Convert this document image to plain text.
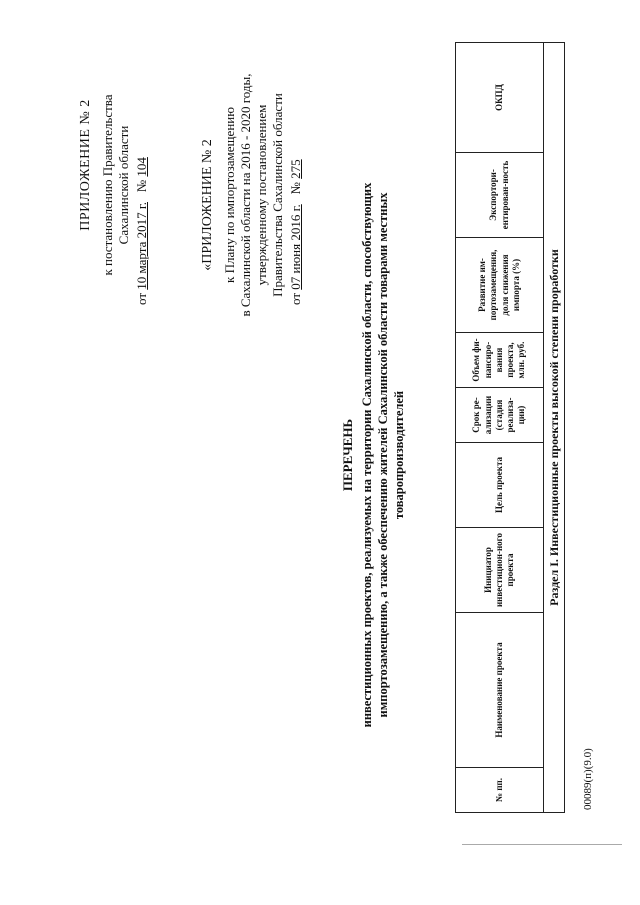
ПРИЛОЖЕНИЕ № 2 к постановлению Правительства Сахалинской области
от 10 марта 2017 г.   № 104	«ПРИЛОЖЕНИЕ № 2 к Плану по импортозамещению в Сахалинской области на 2016 - 2020 годы, утвержденному постановлением Правительства Сахалинской области
от 07 июня 2016 г.   № 275
ПЕРЕЧЕНЬ инвестиционных проектов, реализуемых на территории Сахалинской области, способствующих импортозамещению, а также обеспечению жителей Сахалинской области товарами местных товаропроизводителей
№ пп.	Наименование проекта	Инициатор инвестицион-ного проекта	Цель проекта	Срок ре-ализации (стадия реализа-ции)	Объем фи-нансиро-вания проекта, млн. руб.	Развитие им-портозамещения, доля снижения импорта (%)	Экспортори-ентирован-ность	ОКПД
Раздел I. Инвестиционные проекты высокой степени проработки
00089(п)(9.0)
